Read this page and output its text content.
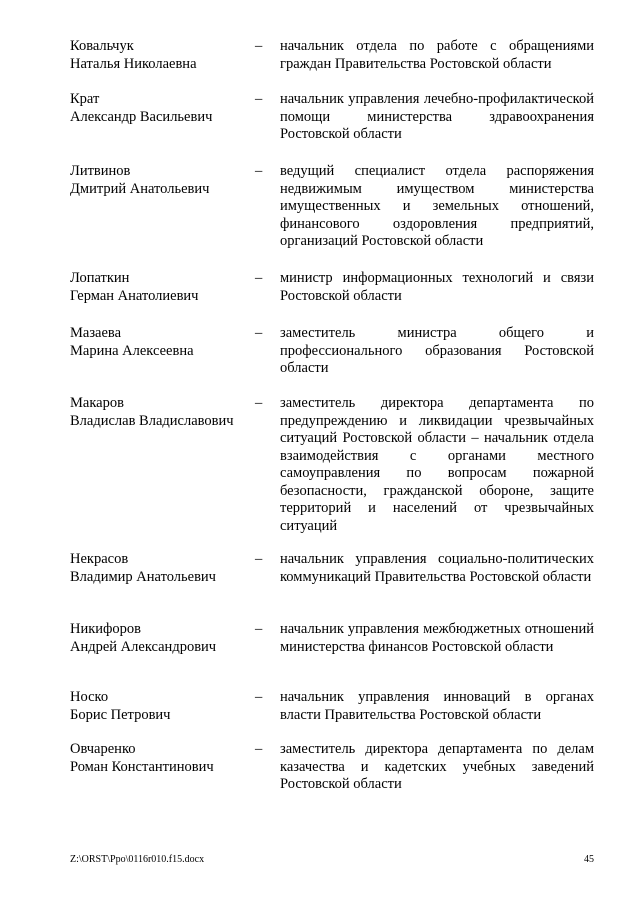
Ковальчук
Наталья Николаевна
–	начальник отдела по работе с обращениями граждан Правительства Ростовской области
Крат
Александр Васильевич
–	начальник управления лечебно-профилактической помощи министерства здравоохранения Ростовской области
Литвинов
Дмитрий Анатольевич
–	ведущий специалист отдела распоряжения недвижимым имуществом министерства имущественных и земельных отношений, финансового оздоровления предприятий, организаций Ростовской области
Лопаткин
Герман Анатолиевич
–	министр информационных технологий и связи Ростовской области
Мазаева
Марина Алексеевна
–	заместитель министра общего и профессионального образования Ростовской области
Макаров
Владислав Владиславович
–	заместитель директора департамента по предупреждению и ликвидации чрезвычайных ситуаций Ростовской области – начальник отдела взаимодействия с органами местного самоуправления по вопросам пожарной безопасности, гражданской обороне, защите территорий и населений от чрезвычайных ситуаций
Некрасов
Владимир Анатольевич
–	начальник управления социально-политических коммуникаций Правительства Ростовской области
Никифоров
Андрей Александрович
–	начальник управления межбюджетных отношений министерства финансов Ростовской области
Носко
Борис Петрович
–	начальник управления инноваций в органах власти Правительства Ростовской области
Овчаренко
Роман Константинович
–	заместитель директора департамента по делам казачества и кадетских учебных заведений Ростовской области
Z:\ORST\Ppo\0116r010.f15.docx	45
